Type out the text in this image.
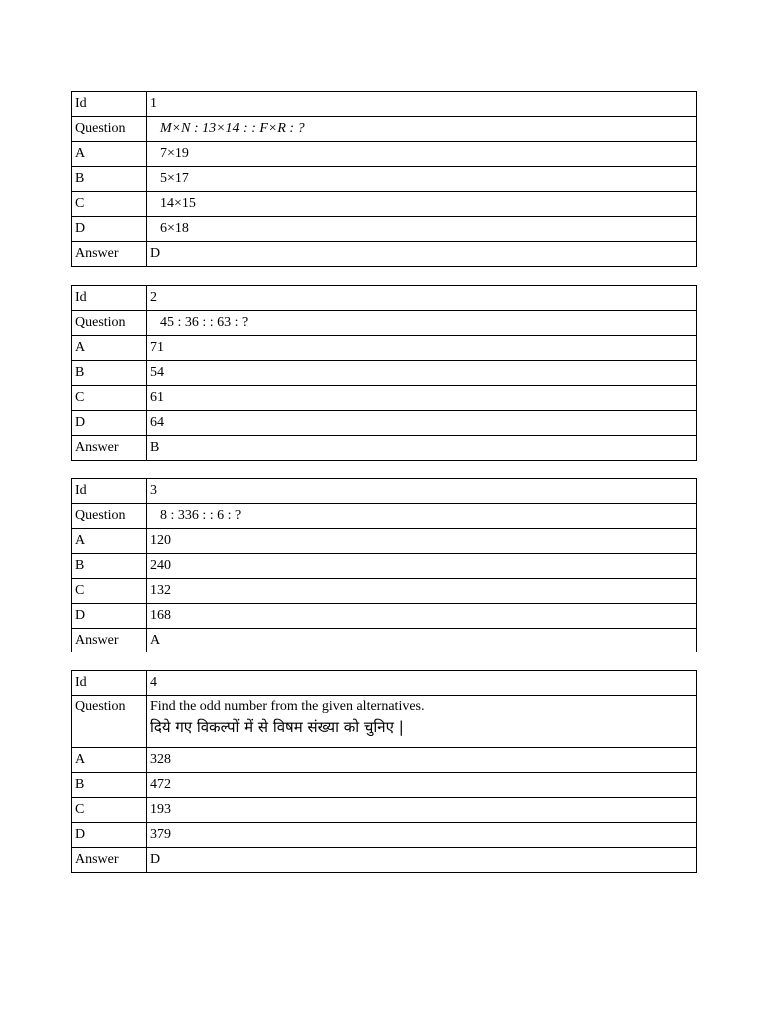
Id	1
Question	M×N : 13×14 : : F×R : ?
A	7×19
B	5×17
C	14×15
D	6×18
Answer	D
Id	2
Question	45 : 36 : : 63 : ?
A	71
B	54
C	61
D	64
Answer	B
Id	3
Question	8 : 336 : : 6 : ?
A	120
B	240
C	132
D	168
Answer	A
Id	4
Question	Find the odd number from the given alternatives.
दिये गए विकल्पों में से विषम संख्या को चुनिए |

A	328
B	472
C	193
D	379
Answer	D
